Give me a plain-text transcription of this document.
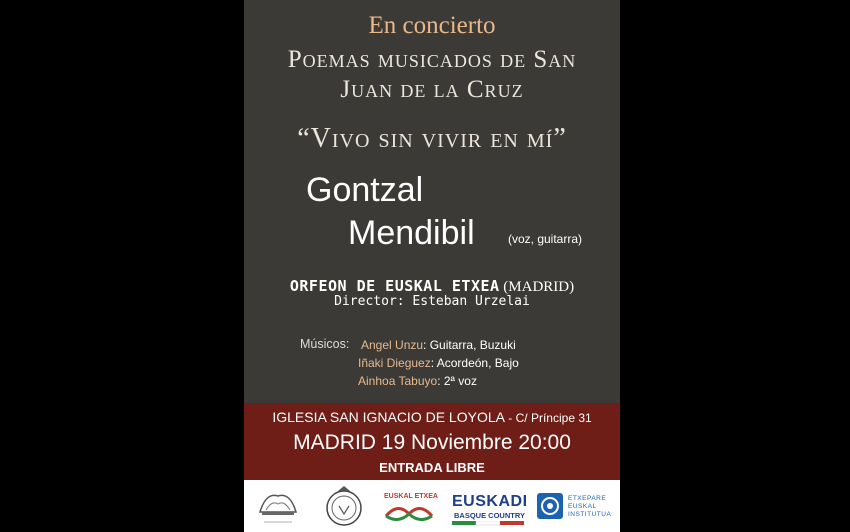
En concierto
Poemas musicados de San
Juan de la Cruz
“Vivo sin vivir en mí”
Gontzal
Mendibil	(voz, guitarra)
ORFEON DE EUSKAL ETXEA (MADRID)
Director: Esteban Urzelai
Músicos: Angel Unzu: Guitarra, Buzuki
Iñaki Dieguez: Acordeón, Bajo
Ainhoa Tabuyo: 2ª voz
IGLESIA SAN IGNACIO DE LOYOLA - C/ Príncipe 31
MADRID 19 Noviembre 20:00
ENTRADA LIBRE
EUSKAL ETXEA EUSKADI
BASQUE COUNTRY
ETXEPARE
EUSKAL
INSTITUTUA
